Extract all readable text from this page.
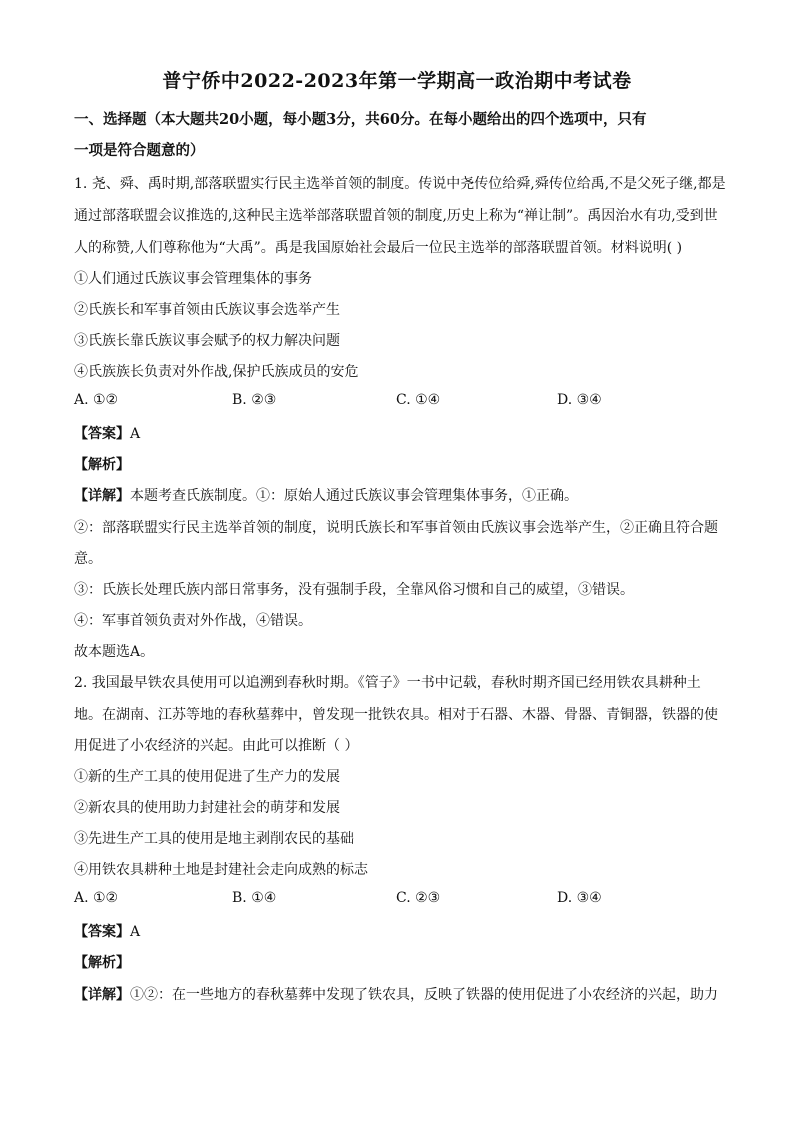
普宁侨中2022-2023年第一学期高一政治期中考试卷
一、选择题（本大题共20小题，每小题3分，共60分。在每小题给出的四个选项中，只有
一项是符合题意的）
1. 尧、舜、禹时期,部落联盟实行民主选举首领的制度。传说中尧传位给舜,舜传位给禹,不是父死子继,都是
通过部落联盟会议推选的,这种民主选举部落联盟首领的制度,历史上称为“禅让制”。禹因治水有功,受到世
人的称赞,人们尊称他为“大禹”。禹是我国原始社会最后一位民主选举的部落联盟首领。材料说明( )
①人们通过氏族议事会管理集体的事务
②氏族长和军事首领由氏族议事会选举产生
③氏族长靠氏族议事会赋予的权力解决问题
④氏族族长负责对外作战,保护氏族成员的安危
A. ①②	B. ②③	C. ①④	D. ③④
【答案】A
【解析】
【详解】本题考查氏族制度。①：原始人通过氏族议事会管理集体事务，①正确。
②：部落联盟实行民主选举首领的制度，说明氏族长和军事首领由氏族议事会选举产生，②正确且符合题
意。
③：氏族长处理氏族内部日常事务，没有强制手段，全靠风俗习惯和自己的威望，③错误。
④：军事首领负责对外作战，④错误。
故本题选A。
2. 我国最早铁农具使用可以追溯到春秋时期。《管子》一书中记载，春秋时期齐国已经用铁农具耕种土
地。在湖南、江苏等地的春秋墓葬中，曾发现一批铁农具。相对于石器、木器、骨器、青铜器，铁器的使
用促进了小农经济的兴起。由此可以推断（ ）
①新的生产工具的使用促进了生产力的发展
②新农具的使用助力封建社会的萌芽和发展
③先进生产工具的使用是地主剥削农民的基础
④用铁农具耕种土地是封建社会走向成熟的标志
A. ①②	B. ①④	C. ②③	D. ③④
【答案】A
【解析】
【详解】①②：在一些地方的春秋墓葬中发现了铁农具，反映了铁器的使用促进了小农经济的兴起，助力
